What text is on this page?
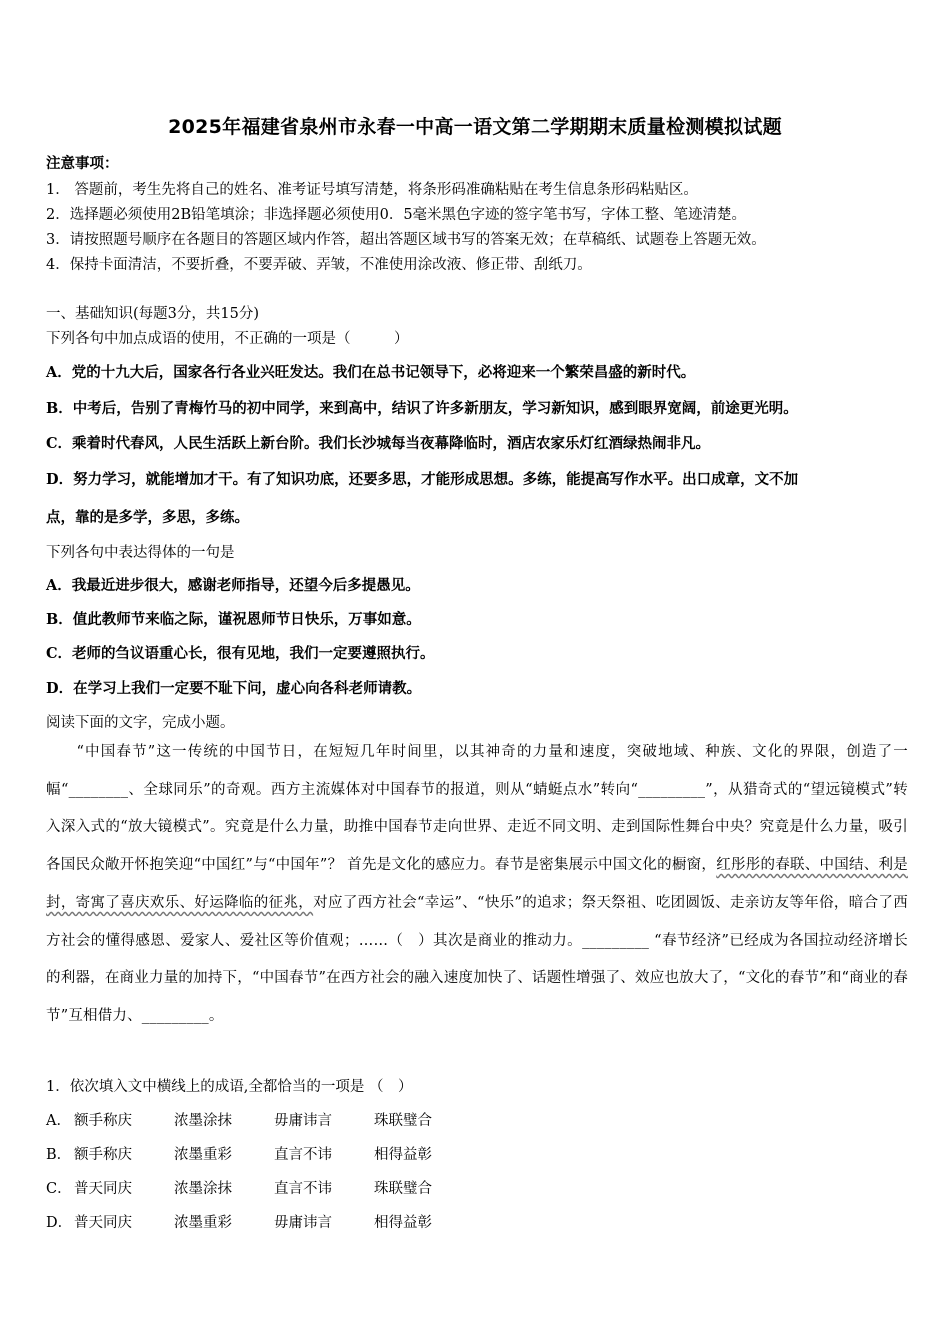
2025年福建省泉州市永春一中高一语文第二学期期末质量检测模拟试题
注意事项：
1． 答题前，考生先将自己的姓名、准考证号填写清楚，将条形码准确粘贴在考生信息条形码粘贴区。
2．选择题必须使用2B铅笔填涂；非选择题必须使用0．5毫米黑色字迹的签字笔书写，字体工整、笔迹清楚。
3．请按照题号顺序在各题目的答题区域内作答，超出答题区域书写的答案无效；在草稿纸、试题卷上答题无效。
4．保持卡面清洁，不要折叠，不要弄破、弄皱，不准使用涂改液、修正带、刮纸刀。
一、基础知识(每题3分，共15分)
下列各句中加点成语的使用，不正确的一项是（　　　）
A．党的十九大后，国家各行各业兴旺发达。我们在总书记领导下，必将迎来一个繁荣昌盛的新时代。
B．中考后，告别了青梅竹马的初中同学，来到高中，结识了许多新朋友，学习新知识，感到眼界宽阔，前途更光明。
C．乘着时代春风，人民生活跃上新台阶。我们长沙城每当夜幕降临时，酒店农家乐灯红酒绿热闹非凡。
D．努力学习，就能增加才干。有了知识功底，还要多思，才能形成思想。多练，能提高写作水平。出口成章，文不加
点，靠的是多学，多思，多练。
下列各句中表达得体的一句是
A．我最近进步很大，感谢老师指导，还望今后多提愚见。
B．值此教师节来临之际，谨祝恩师节日快乐，万事如意。
C．老师的刍议语重心长，很有见地，我们一定要遵照执行。
D．在学习上我们一定要不耻下问，虚心向各科老师请教。
阅读下面的文字，完成小题。
“中国春节”这一传统的中国节日，在短短几年时间里，以其神奇的力量和速度，突破地域、种族、文化的界限，创造了一幅“________、全球同乐”的奇观。西方主流媒体对中国春节的报道，则从“蜻蜓点水”转向“_________”，从猎奇式的“望远镜模式”转入深入式的“放大镜模式”。究竟是什么力量，助推中国春节走向世界、走近不同文明、走到国际性舞台中央？究竟是什么力量，吸引各国民众敞开怀抱笑迎“中国红”与“中国年”？ 首先是文化的感应力。春节是密集展示中国文化的橱窗，红彤彤的春联、中国结、利是封，寄寓了喜庆欢乐、好运降临的征兆，对应了西方社会“幸运”、“快乐”的追求；祭天祭祖、吃团圆饭、走亲访友等年俗，暗合了西方社会的懂得感恩、爱家人、爱社区等价值观；……（　）其次是商业的推动力。_________ “春节经济”已经成为各国拉动经济增长的利器，在商业力量的加持下，“中国春节”在西方社会的融入速度加快了、话题性增强了、效应也放大了，“文化的春节”和“商业的春节”互相借力、_________。
1．依次填入文中横线上的成语,全都恰当的一项是 （　）
A． 额手称庆	浓墨涂抹	毋庸讳言	珠联璧合
B． 额手称庆	浓墨重彩	直言不讳	相得益彰
C． 普天同庆	浓墨涂抹	直言不讳	珠联璧合
D． 普天同庆	浓墨重彩	毋庸讳言	相得益彰
